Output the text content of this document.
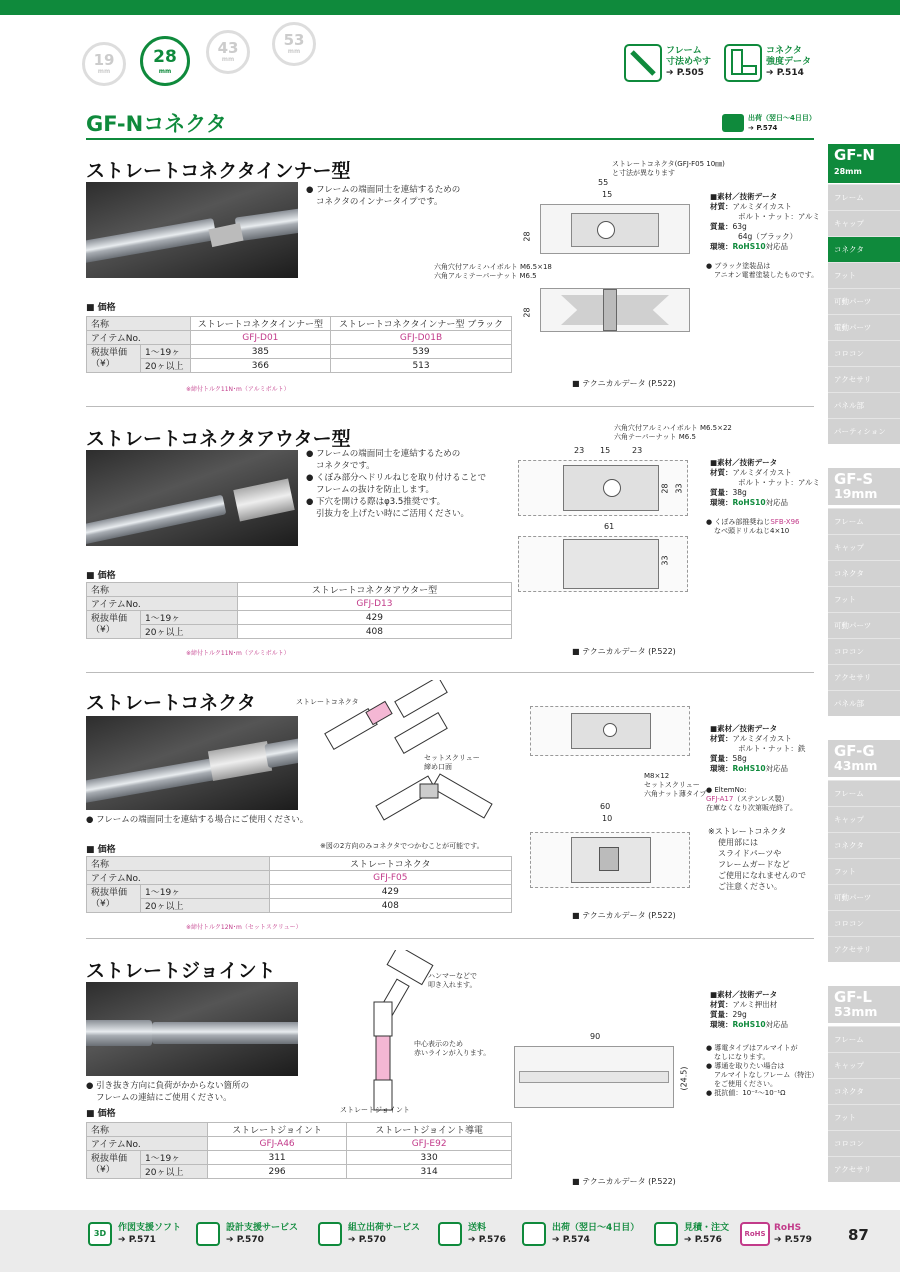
19
mm
28
mm
43
mm
53
mm	フレーム
寸法めやす
➔ P.505
コネクタ
強度データ
➔ P.514
GF-Nコネクタ	出荷（翌日〜4日目）
➔ P.574
ストレートコネクタインナー型
● フレームの端面同士を連結するための
コネクタのインナータイプです。
■ 価格
名称		ストレートコネクタインナー型	ストレートコネクタインナー型 ブラック
アイテムNo.		GFJ-D01	GFJ-D01B

税抜単価
（¥）	1〜19ヶ	385	539
	20ヶ以上	366	513
※締付トルク11N･m（アルミボルト）
ストレートコネクタ(GFJ-F05 10㎜)
と寸法が異なります
55
15
28
六角穴付アルミハイボルト M6.5×18
六角アルミテーパーナット M6.5
28
■素材／技術データ
材質：アルミダイカスト
ボルト・ナット：アルミ
質量：63g
64g（ブラック）
環境：RoHS10対応品
● ブラック塗装品は
アニオン電着塗装したものです。
■ テクニカルデータ (P.522)
ストレートコネクタアウター型
● フレームの端面同士を連結するための
コネクタです。
● くぼみ部分へドリルねじを取り付けることで
フレームの抜けを防止します。
● 下穴を開ける際はφ3.5推奨です。
引抜力を上げたい時にご活用ください。
■ 価格
名称		ストレートコネクタアウター型
アイテムNo.		GFJ-D13

税抜単価
（¥）	1〜19ヶ	429
	20ヶ以上	408
※締付トルク11N･m（アルミボルト）
六角穴付アルミハイボルト M6.5×22
六角テーパーナット M6.5
23 15	23
28 33
61
33
■素材／技術データ
材質：アルミダイカスト
ボルト・ナット：アルミ
質量：38g
環境：RoHS10対応品
● くぼみ部推奨ねじSFB-X96
なべ頭ドリルねじ4×10
■ テクニカルデータ (P.522)
ストレートコネクタ	ストレートコネクタ
セットスクリュー
締め口面
● フレームの端面同士を連結する場合にご使用ください。
※図の2方向のみコネクタでつかむことが可能です。
■ 価格
名称		ストレートコネクタ
アイテムNo.		GFJ-F05

税抜単価
（¥）	1〜19ヶ	429
	20ヶ以上	408
※締付トルク12N･m（セットスクリュー）
M8×12
セットスクリュー
六角ナット薄タイプ
60
10
■素材／技術データ
材質：アルミダイカスト
ボルト・ナット：鉄
質量：58g
環境：RoHS10対応品
● EltemNo:
GFJ-A17（ステンレス製）
在庫なくなり次第販売終了。
※ストレートコネクタ
使用部には
スライドパーツや
フレームガードなど
ご使用になれませんので
ご注意ください。
■ テクニカルデータ (P.522)
ストレートジョイント	ハンマーなどで
叩き入れます。
中心表示のため
赤いラインが入ります。
ストレートジョイント
● 引き抜き方向に負荷がかからない箇所の
フレームの連結にご使用ください。
■ 価格
名称		ストレートジョイント	ストレートジョイント導電
アイテムNo.		GFJ-A46	GFJ-E92

税抜単価
（¥）	1〜19ヶ	311	330
	20ヶ以上	296	314
90
(24.5)
■素材／技術データ
材質：アルミ押出材
質量：29g
環境：RoHS10対応品
● 導電タイプはアルマイトが
なしになります。
● 導通を取りたい場合は
アルマイトなしフレーム（特注）
をご使用ください。
● 抵抗値：10⁻²〜10⁻¹Ω
■ テクニカルデータ (P.522)
GF-N
28mm
フレーム
キャップ
コネクタ
フット
可動パーツ
電動パーツ
コロコン
アクセサリ
パネル部
パーティション
GF-S
19mm
フレーム
キャップ
コネクタ
フット
可動パーツ
コロコン
アクセサリ
パネル部
GF-G
43mm
フレーム
キャップ
コネクタ
フット
可動パーツ
コロコン
アクセサリ
GF-L
53mm
フレーム
キャップ
コネクタ
フット
コロコン
アクセサリ
3D
作図支援ソフト
➔ P.571
設計支援サービス
➔ P.570
組立出荷サービス
➔ P.570
送料
➔ P.576
出荷（翌日〜4日目）
➔ P.574
見積・注文
➔ P.576
RoHS
RoHS
➔ P.579 87
